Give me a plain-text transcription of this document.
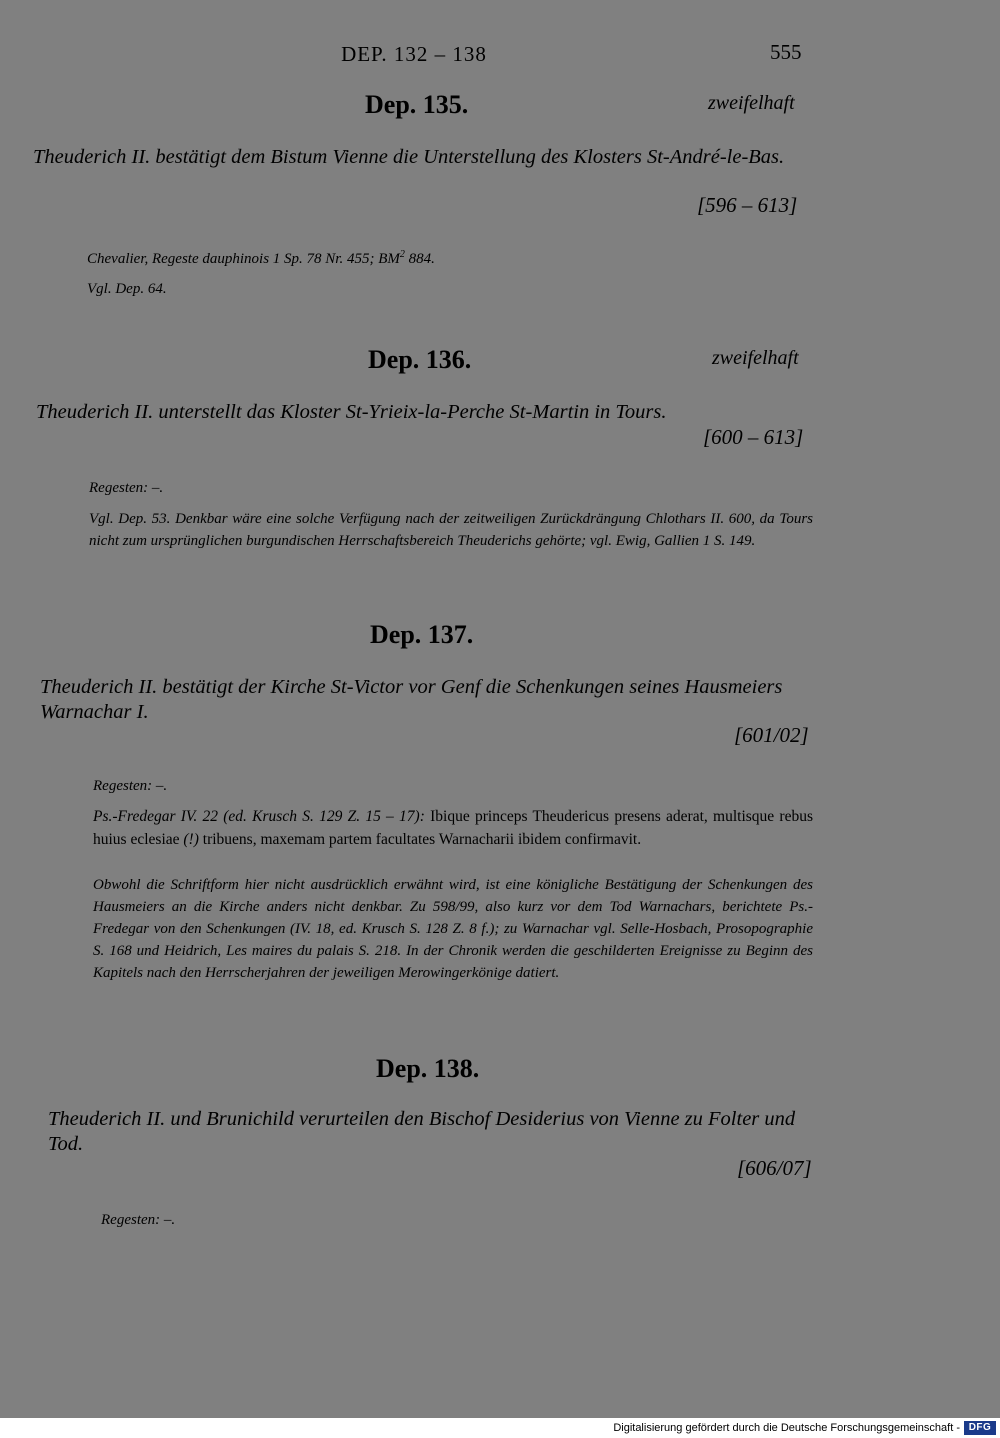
DEP. 132 – 138	555
Dep. 135.	zweifelhaft
Theuderich II. bestätigt dem Bistum Vienne die Unterstellung des Klosters St-André-le-Bas.
[596 – 613]
Chevalier, Regeste dauphinois 1 Sp. 78 Nr. 455; $BM^2$ 884.
Vgl. Dep. 64.
Dep. 136.	zweifelhaft
Theuderich II. unterstellt das Kloster St-Yrieix-la-Perche St-Martin in Tours.
[600 – 613]
Regesten: –.
Vgl. Dep. 53. Denkbar wäre eine solche Verfügung nach der zeitweiligen Zurückdrängung Chlothars II. 600, da Tours nicht zum ursprünglichen burgundischen Herrschaftsbereich Theuderichs gehörte; vgl. Ewig, Gallien 1 S. 149.
Dep. 137.
Theuderich II. bestätigt der Kirche St-Victor vor Genf die Schenkungen seines Hausmeiers Warnachar I.
[601/02]
Regesten: –.
Ps.-Fredegar IV. 22 (ed. Krusch S. 129 Z. 15 – 17): Ibique princeps Theudericus presens aderat, multisque rebus huius eclesiae (!) tribuens, maxemam partem facultates Warnacharii ibidem confirmavit.
Obwohl die Schriftform hier nicht ausdrücklich erwähnt wird, ist eine königliche Bestätigung der Schenkungen des Hausmeiers an die Kirche anders nicht denkbar. Zu 598/99, also kurz vor dem Tod Warnachars, berichtete Ps.-Fredegar von den Schenkungen (IV. 18, ed. Krusch S. 128 Z. 8 f.); zu Warnachar vgl. Selle-Hosbach, Prosopographie S. 168 und Heidrich, Les maires du palais S. 218. In der Chronik werden die geschilderten Ereignisse zu Beginn des Kapitels nach den Herrscherjahren der jeweiligen Merowingerkönige datiert.
Dep. 138.
Theuderich II. und Brunichild verurteilen den Bischof Desiderius von Vienne zu Folter und Tod.
[606/07]
Regesten: –.
Digitalisierung gefördert durch die Deutsche Forschungsgemeinschaft - DFG
